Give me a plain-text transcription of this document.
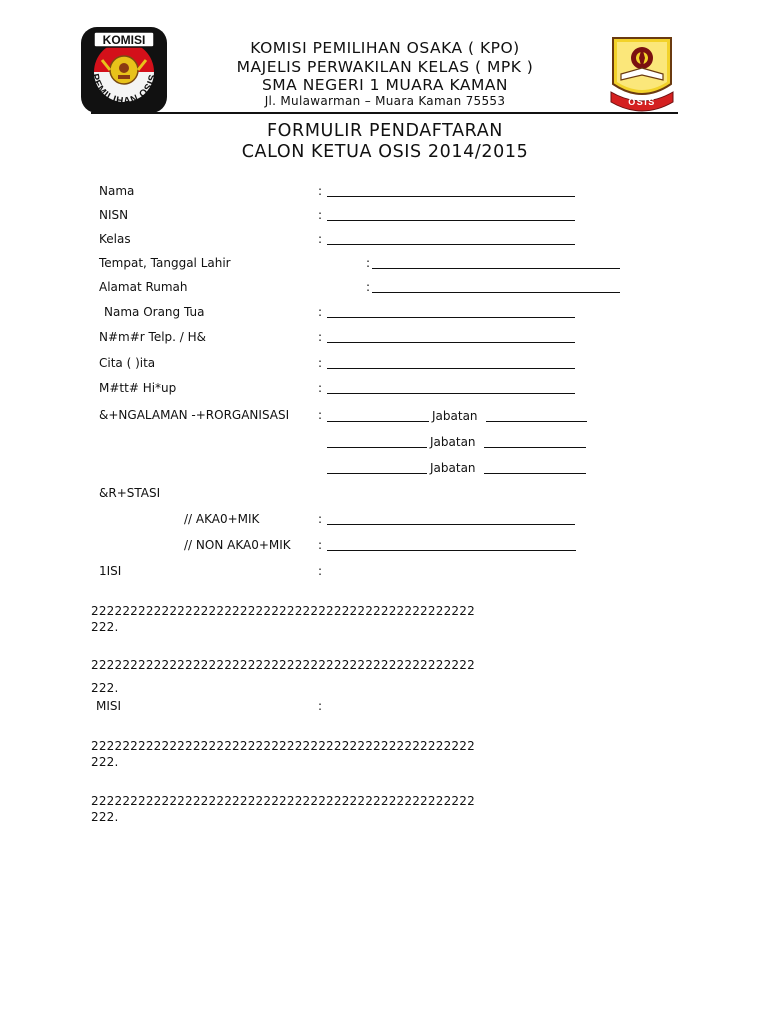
KOMISI
PEMILIHAN OSIS
KOMISI PEMILIHAN OSAKA ( KPO)
MAJELIS PERWAKILAN KELAS ( MPK )
SMA NEGERI 1 MUARA KAMAN
Jl. Mulawarman – Muara Kaman 75553	OSIS
FORMULIR PENDAFTARAN
CALON KETUA OSIS 2014/2015
Nama	:
NISN	:
Kelas	:
Tempat, Tanggal Lahir	:
Alamat Rumah	:
Nama Orang Tua	:
N#m#r Telp. / H&	:
Cita ( )ita	:
M#tt# Hi*up	:
&+NGALAMAN -+RORGANISASI :	Jabatan
Jabatan
Jabatan
&R+STASI
// AKA0+MIK	:
// NON AKA0+MIK :
1ISI	:
2222222222222222222222222222222222222222222222222
222.
2222222222222222222222222222222222222222222222222
222.
MISI	:
2222222222222222222222222222222222222222222222222
222.
2222222222222222222222222222222222222222222222222
222.
